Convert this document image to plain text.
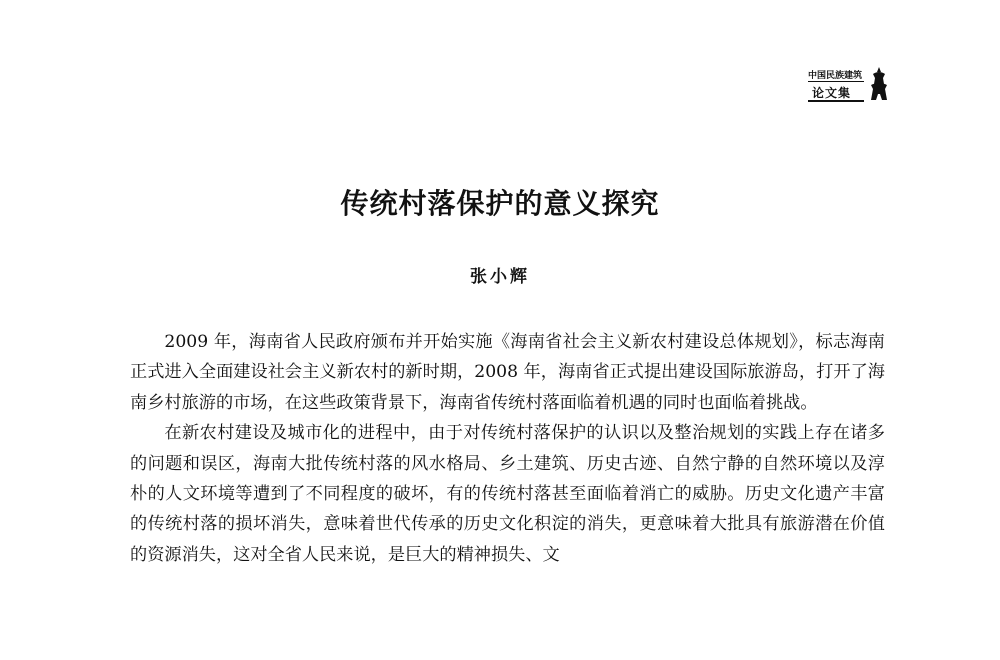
中国民族建筑
论文集
传统村落保护的意义探究
张小辉

2009 年，海南省人民政府颁布并开始实施《海南省社会主义新农村建设总体规划》，标志海南正式进入全面建设社会主义新农村的新时期，2008 年，海南省正式提出建设国际旅游岛，打开了海南乡村旅游的市场，在这些政策背景下，海南省传统村落面临着机遇的同时也面临着挑战。

在新农村建设及城市化的进程中，由于对传统村落保护的认识以及整治规划的实践上存在诸多的问题和误区，海南大批传统村落的风水格局、乡土建筑、历史古迹、自然宁静的自然环境以及淳朴的人文环境等遭到了不同程度的破坏，有的传统村落甚至面临着消亡的威胁。历史文化遗产丰富的传统村落的损坏消失，意味着世代传承的历史文化积淀的消失，更意味着大批具有旅游潜在价值的资源消失，这对全省人民来说，是巨大的精神损失、文
